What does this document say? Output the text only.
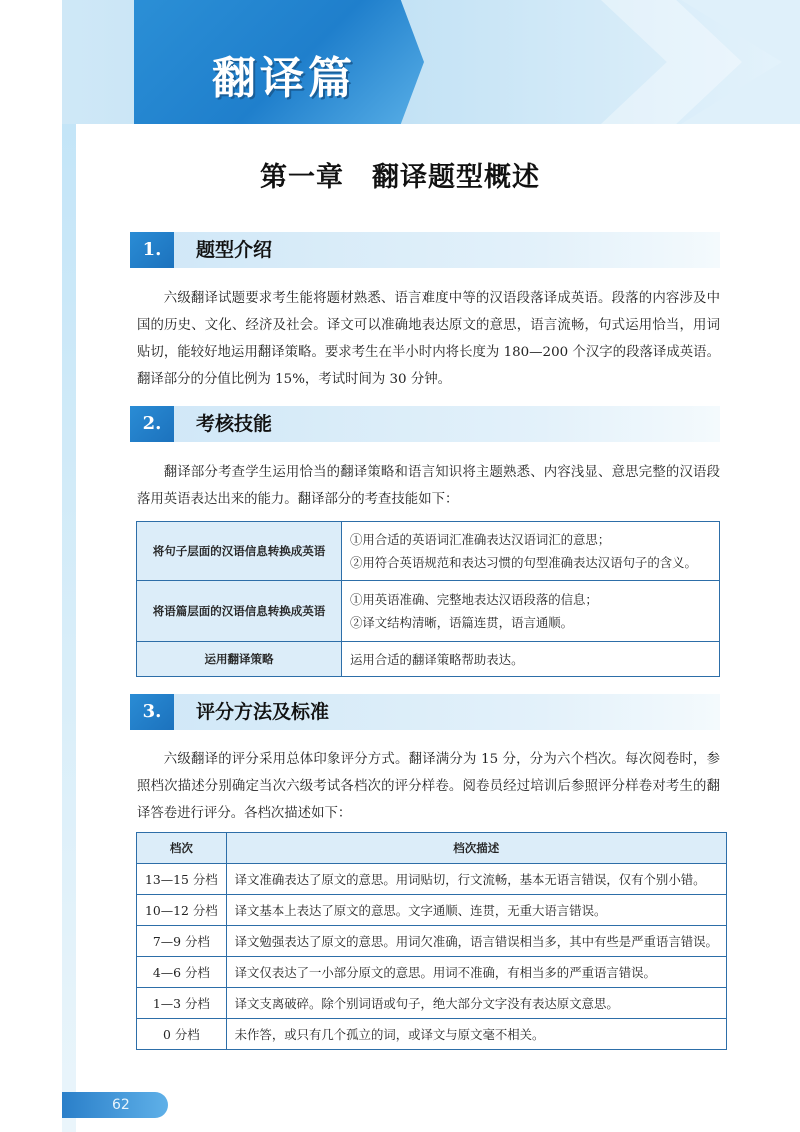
翻译篇
第一章　翻译题型概述
1.	题型介绍

六级翻译试题要求考生能将题材熟悉、语言难度中等的汉语段落译成英语。段落的内容涉及中国的历史、文化、经济及社会。译文可以准确地表达原文的意思，语言流畅，句式运用恰当，用词贴切，能较好地运用翻译策略。要求考生在半小时内将长度为 180—200 个汉字的段落译成英语。翻译部分的分值比例为 15%，考试时间为 30 分钟。

2.	考核技能

翻译部分考查学生运用恰当的翻译策略和语言知识将主题熟悉、内容浅显、意思完整的汉语段落用英语表达出来的能力。翻译部分的考查技能如下：

将句子层面的汉语信息转换成英语	①用合适的英语词汇准确表达汉语词汇的意思；
②用符合英语规范和表达习惯的句型准确表达汉语句子的含义。

将语篇层面的汉语信息转换成英语	①用英语准确、完整地表达汉语段落的信息；
②译文结构清晰，语篇连贯，语言通顺。

运用翻译策略	运用合适的翻译策略帮助表达。
3.	评分方法及标准

六级翻译的评分采用总体印象评分方式。翻译满分为 15 分，分为六个档次。每次阅卷时，参照档次描述分别确定当次六级考试各档次的评分样卷。阅卷员经过培训后参照评分样卷对考生的翻译答卷进行评分。各档次描述如下：

档次	档次描述
13—15 分档	译文准确表达了原文的意思。用词贴切，行文流畅，基本无语言错误，仅有个别小错。
10—12 分档	译文基本上表达了原文的意思。文字通顺、连贯，无重大语言错误。
7—9 分档	译文勉强表达了原文的意思。用词欠准确，语言错误相当多，其中有些是严重语言错误。
4—6 分档	译文仅表达了一小部分原文的意思。用词不准确，有相当多的严重语言错误。
1—3 分档	译文支离破碎。除个别词语或句子，绝大部分文字没有表达原文意思。
0 分档	未作答，或只有几个孤立的词，或译文与原文毫不相关。
62
